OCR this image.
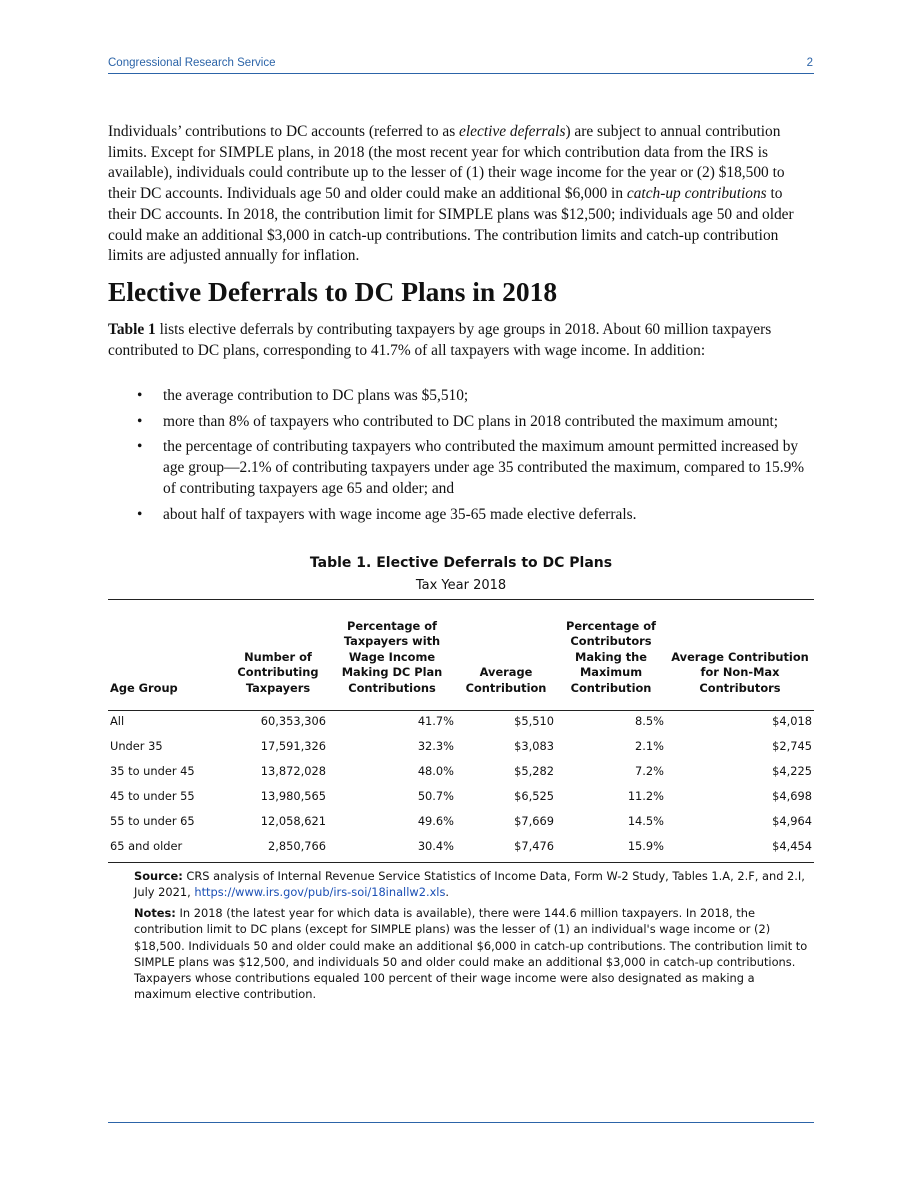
Congressional Research Service	2
Individuals’ contributions to DC accounts (referred to as elective deferrals) are subject to annual contribution limits. Except for SIMPLE plans, in 2018 (the most recent year for which contribution data from the IRS is available), individuals could contribute up to the lesser of (1) their wage income for the year or (2) $18,500 to their DC accounts. Individuals age 50 and older could make an additional $6,000 in catch-up contributions to their DC accounts. In 2018, the contribution limit for SIMPLE plans was $12,500; individuals age 50 and older could make an additional $3,000 in catch-up contributions. The contribution limits and catch-up contribution limits are adjusted annually for inflation.
Elective Deferrals to DC Plans in 2018
Table 1 lists elective deferrals by contributing taxpayers by age groups in 2018. About 60 million taxpayers contributed to DC plans, corresponding to 41.7% of all taxpayers with wage income. In addition:
• the average contribution to DC plans was $5,510;
• more than 8% of taxpayers who contributed to DC plans in 2018 contributed the maximum amount;
• the percentage of contributing taxpayers who contributed the maximum amount permitted increased by age group—2.1% of contributing taxpayers under age 35 contributed the maximum, compared to 15.9% of contributing taxpayers age 65 and older; and
• about half of taxpayers with wage income age 35-65 made elective deferrals.
Table 1. Elective Deferrals to DC Plans
Tax Year 2018
Age Group	Number of Contributing Taxpayers	Percentage of Taxpayers with Wage Income Making DC Plan Contributions	Average Contribution	Percentage of Contributors Making the Maximum Contribution	Average Contribution for Non-Max Contributors
All	60,353,306	41.7%	$5,510	8.5%	$4,018
Under 35	17,591,326	32.3%	$3,083	2.1%	$2,745
35 to under 45	13,872,028	48.0%	$5,282	7.2%	$4,225
45 to under 55	13,980,565	50.7%	$6,525	11.2%	$4,698
55 to under 65	12,058,621	49.6%	$7,669	14.5%	$4,964
65 and older	2,850,766	30.4%	$7,476	15.9%	$4,454
Source: CRS analysis of Internal Revenue Service Statistics of Income Data, Form W-2 Study, Tables 1.A, 2.F, and 2.I, July 2021, https://www.irs.gov/pub/irs-soi/18inallw2.xls.
Notes: In 2018 (the latest year for which data is available), there were 144.6 million taxpayers. In 2018, the contribution limit to DC plans (except for SIMPLE plans) was the lesser of (1) an individual's wage income or (2) $18,500. Individuals 50 and older could make an additional $6,000 in catch-up contributions. The contribution limit to SIMPLE plans was $12,500, and individuals 50 and older could make an additional $3,000 in catch-up contributions. Taxpayers whose contributions equaled 100 percent of their wage income were also designated as making a maximum elective contribution.
